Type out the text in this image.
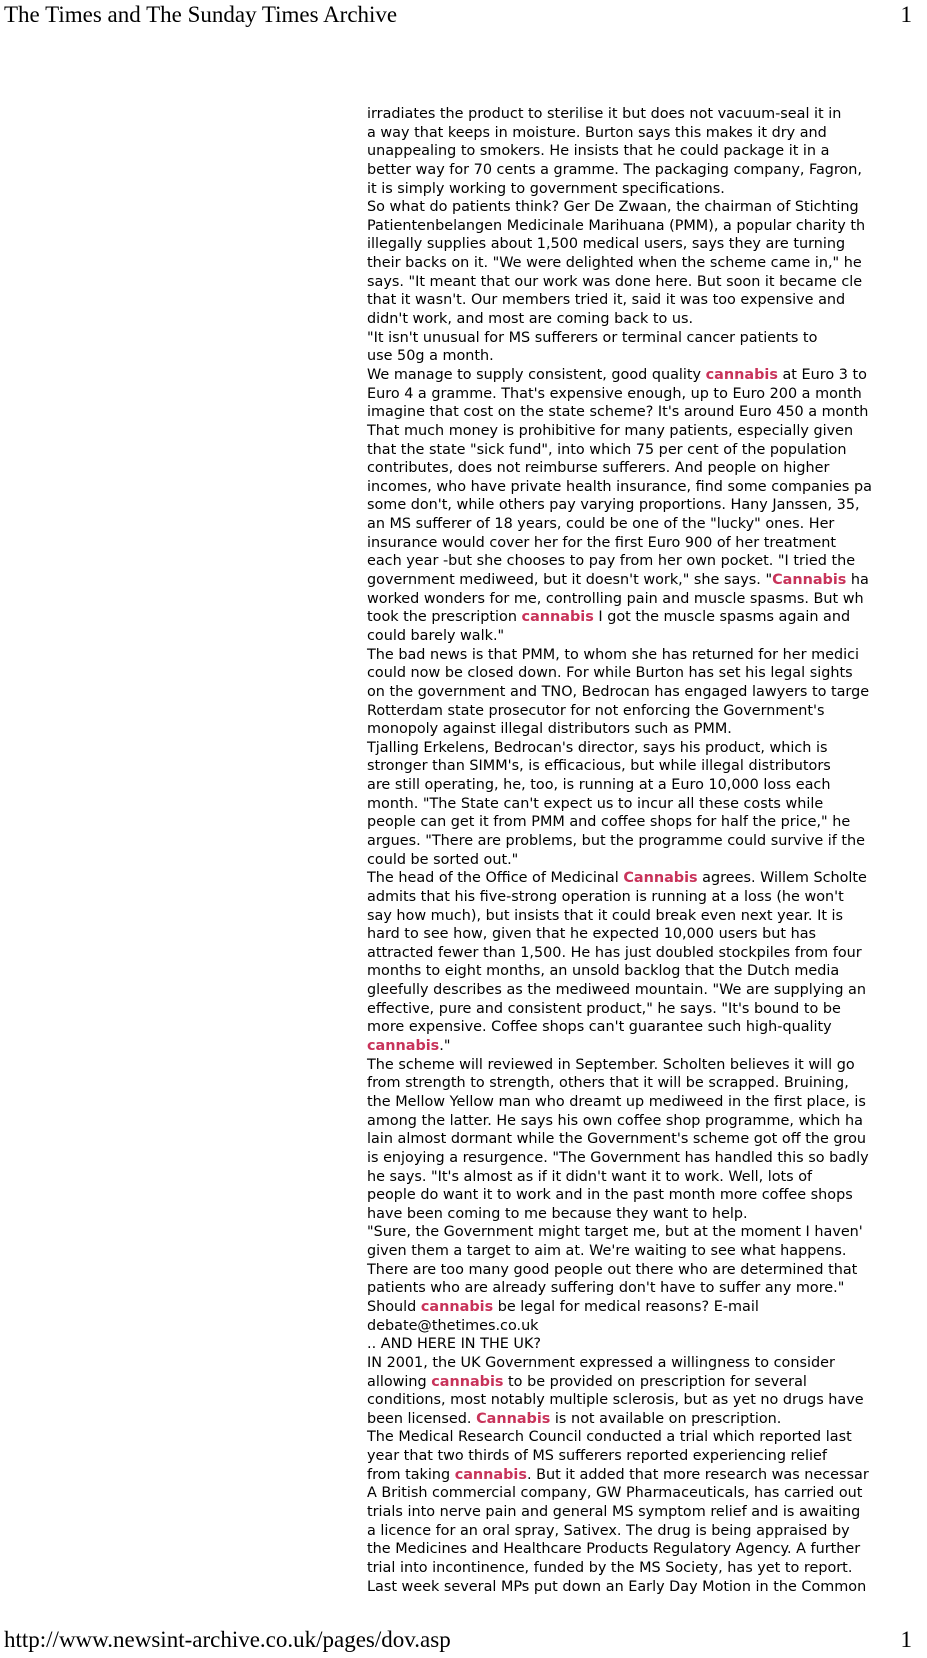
The Times and The Sunday Times Archive	1
irradiates the product to sterilise it but does not vacuum-seal it in
a way that keeps in moisture. Burton says this makes it dry and
unappealing to smokers. He insists that he could package it in a
better way for 70 cents a gramme. The packaging company, Fagron,
it is simply working to government specifications.
So what do patients think? Ger De Zwaan, the chairman of Stichting
Patientenbelangen Medicinale Marihuana (PMM), a popular charity th
illegally supplies about 1,500 medical users, says they are turning
their backs on it. "We were delighted when the scheme came in," he
says. "It meant that our work was done here. But soon it became cle
that it wasn't. Our members tried it, said it was too expensive and
didn't work, and most are coming back to us.
"It isn't unusual for MS sufferers or terminal cancer patients to
use 50g a month.
We manage to supply consistent, good quality cannabis at Euro 3 to
Euro 4 a gramme. That's expensive enough, up to Euro 200 a month
imagine that cost on the state scheme? It's around Euro 450 a month
That much money is prohibitive for many patients, especially given
that the state "sick fund", into which 75 per cent of the population
contributes, does not reimburse sufferers. And people on higher
incomes, who have private health insurance, find some companies pa
some don't, while others pay varying proportions. Hany Janssen, 35,
an MS sufferer of 18 years, could be one of the "lucky" ones. Her
insurance would cover her for the first Euro 900 of her treatment
each year -but she chooses to pay from her own pocket. "I tried the
government mediweed, but it doesn't work," she says. "Cannabis ha
worked wonders for me, controlling pain and muscle spasms. But wh
took the prescription cannabis I got the muscle spasms again and
could barely walk."
The bad news is that PMM, to whom she has returned for her medici
could now be closed down. For while Burton has set his legal sights
on the government and TNO, Bedrocan has engaged lawyers to targe
Rotterdam state prosecutor for not enforcing the Government's
monopoly against illegal distributors such as PMM.
Tjalling Erkelens, Bedrocan's director, says his product, which is
stronger than SIMM's, is efficacious, but while illegal distributors
are still operating, he, too, is running at a Euro 10,000 loss each
month. "The State can't expect us to incur all these costs while
people can get it from PMM and coffee shops for half the price," he
argues. "There are problems, but the programme could survive if the
could be sorted out."
The head of the Office of Medicinal Cannabis agrees. Willem Scholte
admits that his five-strong operation is running at a loss (he won't
say how much), but insists that it could break even next year. It is
hard to see how, given that he expected 10,000 users but has
attracted fewer than 1,500. He has just doubled stockpiles from four
months to eight months, an unsold backlog that the Dutch media
gleefully describes as the mediweed mountain. "We are supplying an
effective, pure and consistent product," he says. "It's bound to be
more expensive. Coffee shops can't guarantee such high-quality
cannabis."
The scheme will reviewed in September. Scholten believes it will go
from strength to strength, others that it will be scrapped. Bruining,
the Mellow Yellow man who dreamt up mediweed in the first place, is
among the latter. He says his own coffee shop programme, which ha
lain almost dormant while the Government's scheme got off the grou
is enjoying a resurgence. "The Government has handled this so badly
he says. "It's almost as if it didn't want it to work. Well, lots of
people do want it to work and in the past month more coffee shops
have been coming to me because they want to help.
"Sure, the Government might target me, but at the moment I haven'
given them a target to aim at. We're waiting to see what happens.
There are too many good people out there who are determined that
patients who are already suffering don't have to suffer any more."
Should cannabis be legal for medical reasons? E-mail
debate@thetimes.co.uk
.. AND HERE IN THE UK?
IN 2001, the UK Government expressed a willingness to consider
allowing cannabis to be provided on prescription for several
conditions, most notably multiple sclerosis, but as yet no drugs have
been licensed. Cannabis is not available on prescription.
The Medical Research Council conducted a trial which reported last
year that two thirds of MS sufferers reported experiencing relief
from taking cannabis. But it added that more research was necessar
A British commercial company, GW Pharmaceuticals, has carried out
trials into nerve pain and general MS symptom relief and is awaiting
a licence for an oral spray, Sativex. The drug is being appraised by
the Medicines and Healthcare Products Regulatory Agency. A further
trial into incontinence, funded by the MS Society, has yet to report.
Last week several MPs put down an Early Day Motion in the Common
http://www.newsint-archive.co.uk/pages/dov.asp	1
